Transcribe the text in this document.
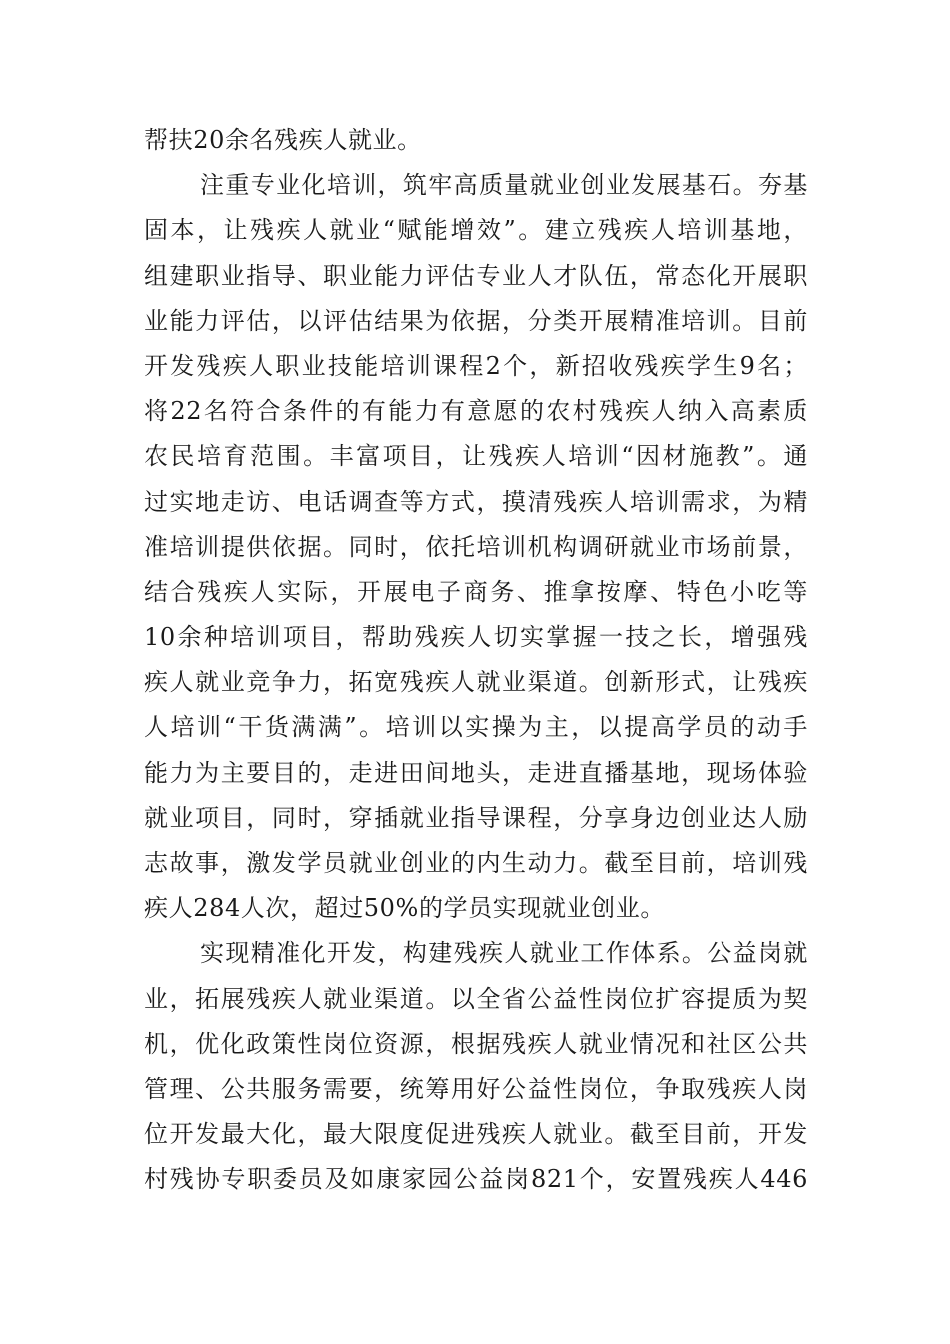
帮扶20余名残疾人就业。

注重专业化培训，筑牢高质量就业创业发展基石。夯基
固本，让残疾人就业“赋能增效”。建立残疾人培训基地，
组建职业指导、职业能力评估专业人才队伍，常态化开展职
业能力评估，以评估结果为依据，分类开展精准培训。目前
开发残疾人职业技能培训课程2个，新招收残疾学生9名；
将22名符合条件的有能力有意愿的农村残疾人纳入高素质
农民培育范围。丰富项目，让残疾人培训“因材施教”。通
过实地走访、电话调查等方式，摸清残疾人培训需求，为精
准培训提供依据。同时，依托培训机构调研就业市场前景，
结合残疾人实际，开展电子商务、推拿按摩、特色小吃等
10余种培训项目，帮助残疾人切实掌握一技之长，增强残
疾人就业竞争力，拓宽残疾人就业渠道。创新形式，让残疾
人培训“干货满满”。培训以实操为主，以提高学员的动手
能力为主要目的，走进田间地头，走进直播基地，现场体验
就业项目，同时，穿插就业指导课程，分享身边创业达人励
志故事，激发学员就业创业的内生动力。截至目前，培训残
疾人284人次，超过50%的学员实现就业创业。

实现精准化开发，构建残疾人就业工作体系。公益岗就
业，拓展残疾人就业渠道。以全省公益性岗位扩容提质为契
机，优化政策性岗位资源，根据残疾人就业情况和社区公共
管理、公共服务需要，统筹用好公益性岗位，争取残疾人岗
位开发最大化，最大限度促进残疾人就业。截至目前，开发
村残协专职委员及如康家园公益岗821个，安置残疾人446
